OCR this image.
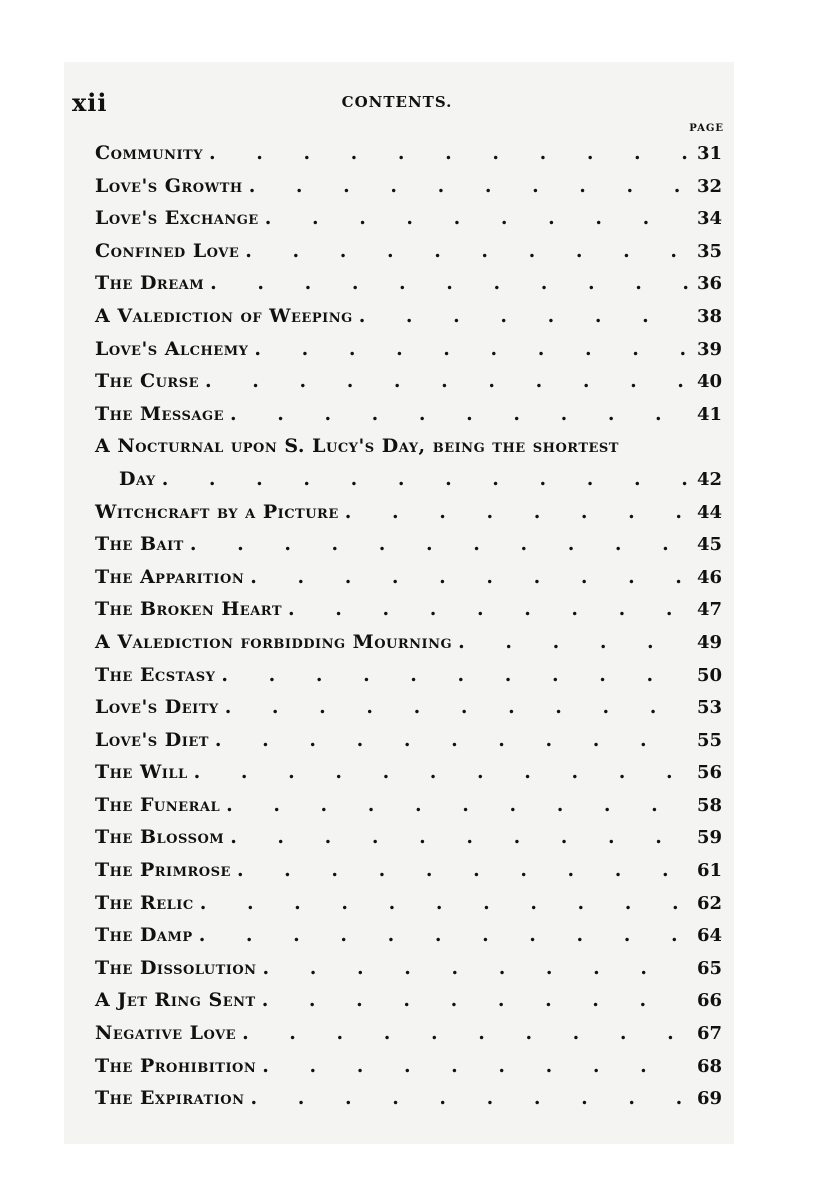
xii	CONTENTS.
PAGE
Community . . .	31
Love's Growth . . .	32
Love's Exchange . . .	34
Confined Love . . .	35
The Dream . . .	36
A Valediction of Weeping . . .	38
Love's Alchemy . . .	39
The Curse . . .	40
The Message . . .	41
A Nocturnal upon S. Lucy's Day, being the shortest
Day . . .	42
Witchcraft by a Picture . . .	44
The Bait . . .	45
The Apparition . . .	46
The Broken Heart . . .	47
A Valediction forbidding Mourning . . .	49
The Ecstasy . . .	50
Love's Deity . . .	53
Love's Diet . . .	55
The Will . . .	56
The Funeral . . .	58
The Blossom . . .	59
The Primrose . . .	61
The Relic . . .	62
The Damp . . .	64
The Dissolution . . .	65
A Jet Ring Sent . . .	66
Negative Love . . .	67
The Prohibition . . .	68
The Expiration . . .	69
